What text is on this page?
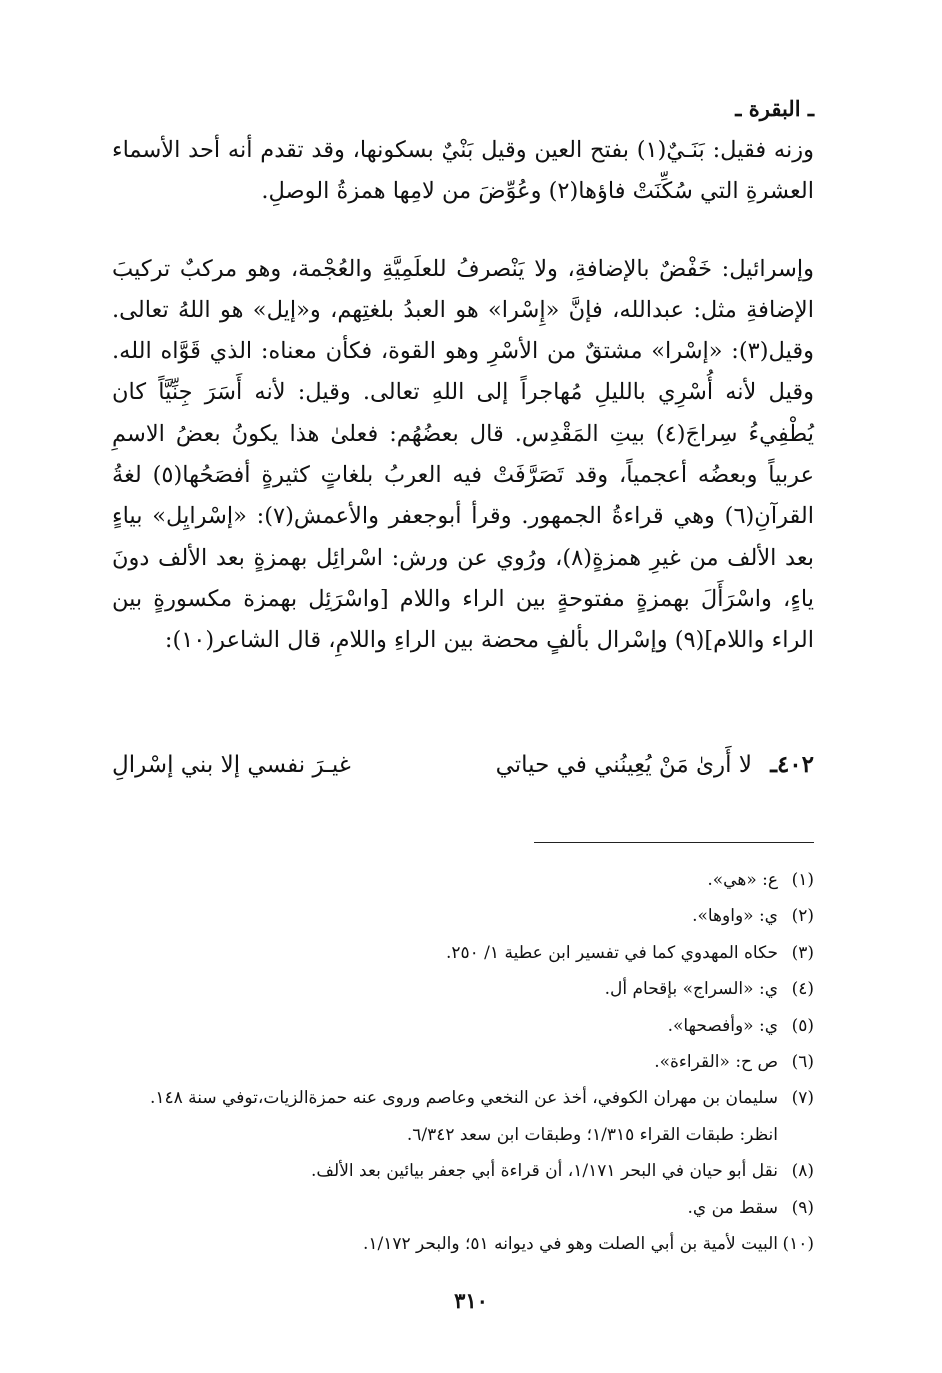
ـ البقرة ـ

وزنه فقيل: بَنَـيٌ(١) بفتح العين وقيل بَنْيٌ بسكونها، وقد تقدم أنه أحد الأسماء العشرةِ التي سُكِّنَتْ فاؤها(٢) وعُوِّضَ من لامِها همزةُ الوصلِ.

وإسرائيل: خَفْضٌ بالإضافةِ، ولا يَنْصرفُ للعلَمِيَّةِ والعُجْمة، وهو مركبٌ تركيبَ الإضافةِ مثل: عبدالله، فإنَّ «إِسْرا» هو العبدُ بلغتِهم، و«إيل» هو اللهُ تعالى. وقيل(٣): «إسْرا» مشتقٌ من الأسْرِ وهو القوة، فكأن معناه: الذي قَوَّاه الله. وقيل لأنه أُسْرِي بالليلِ مُهاجراً إلى اللهِ تعالى. وقيل: لأنه أَسَرَ جِنِّيَّاً كان يُطْفِيءُ سِراجَ(٤) بيتِ المَقْدِس. قال بعضُهُم: فعلىٰ هذا يكونُ بعضُ الاسمِ عربياً وبعضُه أعجمياً، وقد تَصَرَّفَتْ فيه العربُ بلغاتٍ كثيرةٍ أفصَحُها(٥) لغةُ القرآنِ(٦) وهي قراءةُ الجمهور. وقرأ أبوجعفر والأعمش(٧): «إسْرايِل» بياءٍ بعد الألف من غيرِ همزةٍ(٨)، ورُوي عن ورش: اسْرائِل بهمزةٍ بعد الألف دونَ ياءٍ، واسْرَأَلَ بهمزةٍ مفتوحةٍ بين الراء واللام [واسْرَئِل بهمزة مكسورةٍ بين الراء واللام](٩) وإسْرال بألفٍ محضة بين الراءِ واللامِ، قال الشاعر(١٠):

٤٠٢ـ
لا أَرىٰ مَنْ يُعِينُني في حياتي
غيـرَ نفسي إلا بني إسْرالِ
(١)
ع: «هي».
(٢)
ي: «واوها».
(٣)
حكاه المهدوي كما في تفسير ابن عطية ١/ ٢٥٠.
(٤)
ي: «السراج» بإقحام أل.
(٥)
ي: «وأفصحها».
(٦)
ص ح: «القراءة».
(٧)
سليمان بن مهران الكوفي، أخذ عن النخعي وعاصم وروى عنه حمزةالزيات،توفي سنة ١٤٨. انظر: طبقات القراء ١/٣١٥؛ وطبقات ابن سعد ٦/٣٤٢.
(٨)
نقل أبو حيان في البحر ١/١٧١، أن قراءة أبي جعفر بيائين بعد الألف.
(٩)
سقط من ي.
(١٠)
البيت لأمية بن أبي الصلت وهو في ديوانه ٥١؛ والبحر ١/١٧٢.
٣١٠
